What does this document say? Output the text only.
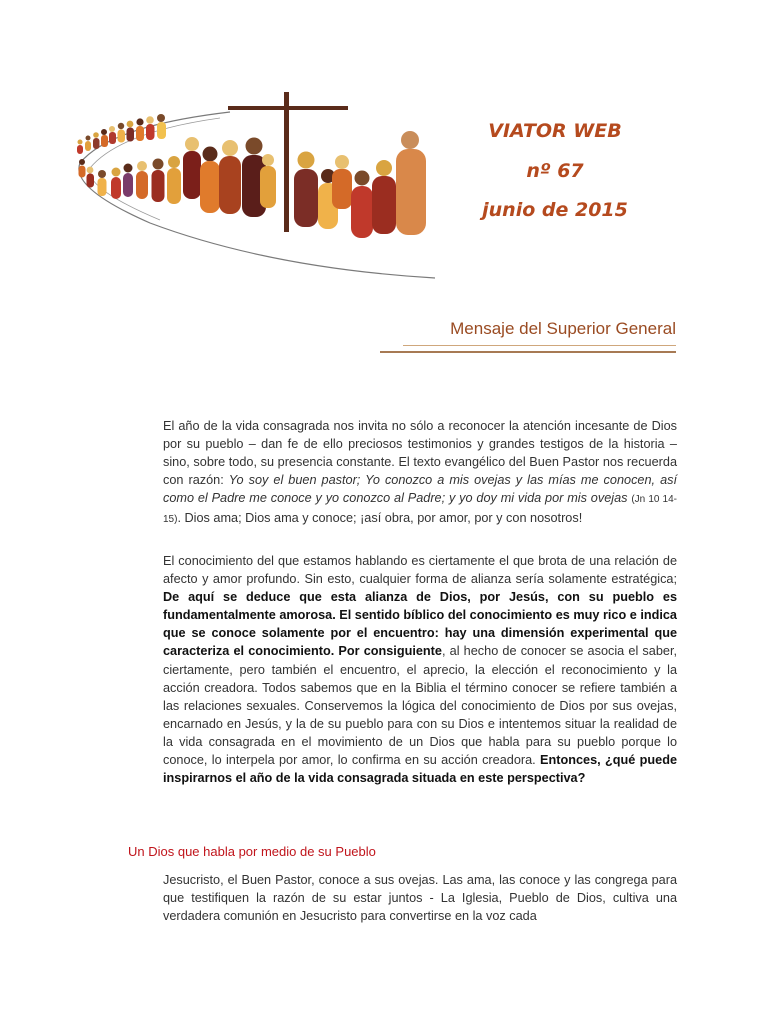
VIATOR WEB
nº 67
junio de 2015
Mensaje del Superior General

El año de la vida consagrada nos invita no sólo a reconocer la atención incesante de Dios por su pueblo – dan fe de ello preciosos testimonios y grandes testigos de la historia – sino, sobre todo, su presencia constante. El texto evangélico del Buen Pastor nos recuerda con razón: Yo soy el buen pastor; Yo conozco a mis ovejas y las mías me conocen, así como el Padre me conoce y yo conozco al Padre; y yo doy mi vida por mis ovejas (Jn 10 14-15). Dios ama; Dios ama y conoce; ¡así obra, por amor, por y con nosotros!

El conocimiento del que estamos hablando es ciertamente el que brota de una relación de afecto y amor profundo. Sin esto, cualquier forma de alianza sería solamente estratégica; De aquí se deduce que esta alianza de Dios, por Jesús, con su pueblo es fundamentalmente amorosa. El sentido bíblico del conocimiento es muy rico e indica que se conoce solamente por el encuentro: hay una dimensión experimental que caracteriza el conocimiento. Por consiguiente, al hecho de conocer se asocia el saber, ciertamente, pero también el encuentro, el aprecio, la elección el reconocimiento y la acción creadora. Todos sabemos que en la Biblia el término conocer se refiere también a las relaciones sexuales. Conservemos la lógica del conocimiento de Dios por sus ovejas, encarnado en Jesús, y la de su pueblo para con su Dios e intentemos situar la realidad de la vida consagrada en el movimiento de un Dios que habla para su pueblo porque lo conoce, lo interpela por amor, lo confirma en su acción creadora. Entonces, ¿qué puede inspirarnos el año de la vida consagrada situada en este perspectiva?

Un Dios que habla por medio de su Pueblo

Jesucristo, el Buen Pastor, conoce a sus ovejas. Las ama, las conoce y las congrega para que testifiquen la razón de su estar juntos - La Iglesia, Pueblo de Dios, cultiva una verdadera comunión en Jesucristo para convertirse en la voz cada
